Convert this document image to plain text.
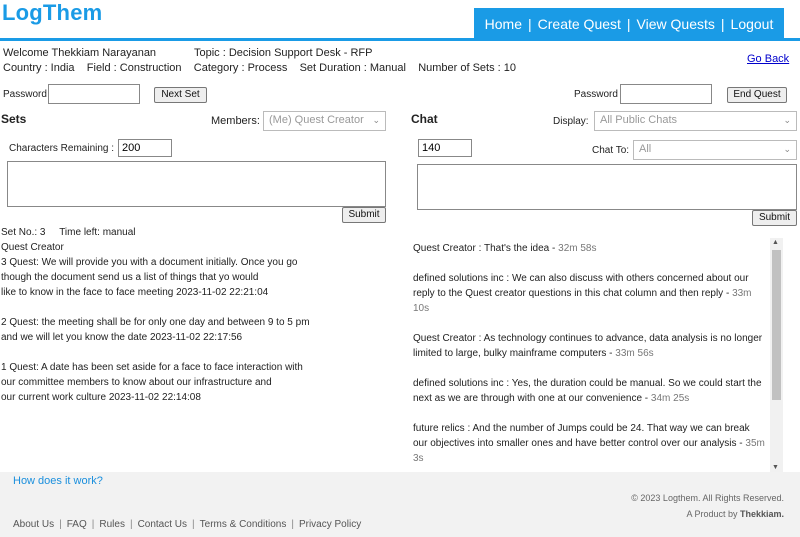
LogThem	Home | Create Quest | View Quests | Logout
Welcome Thekkiam Narayanan	Topic : Decision Support Desk - RFP
Country : India Field : Construction Category : Process Set Duration : Manual Number of Sets : 10
Go Back
Password	Next Set	Password	End Quest
Sets	Members: (Me) Quest Creator ⌄
Characters Remaining :
200
Submit
Set No.: 3 Time left: manual
Quest Creator
3 Quest: We will provide you with a document initially. Once you go
though the document send us a list of things that yo would
like to know in the face to face meeting 2023-11-02 22:21:04
2 Quest: the meeting shall be for only one day and between 9 to 5 pm
and we will let you know the date 2023-11-02 22:17:56
1 Quest: A date has been set aside for a face to face interaction with
our committee members to know about our infrastructure and
our current work culture 2023-11-02 22:14:08
Chat	Display:	All Public Chats	⌄
140
Chat To: All	⌄
Submit
Quest Creator : That's the idea - 32m 58s
defined solutions inc : We can also discuss with others concerned about our reply to the Quest creator questions in this chat column and then reply - 33m 10s
Quest Creator : As technology continues to advance, data analysis is no longer limited to large, bulky mainframe computers - 33m 56s
defined solutions inc : Yes, the duration could be manual. So we could start the next as we are through with one at our convenience - 34m 25s
future relics : And the number of Jumps could be 24. That way we can break our objectives into smaller ones and have better control over our analysis - 35m 3s
▲
▼
How does it work?
© 2023 Logthem. All Rights Reserved.
A Product by Thekkiam.
About Us | FAQ | Rules | Contact Us | Terms & Conditions | Privacy Policy
